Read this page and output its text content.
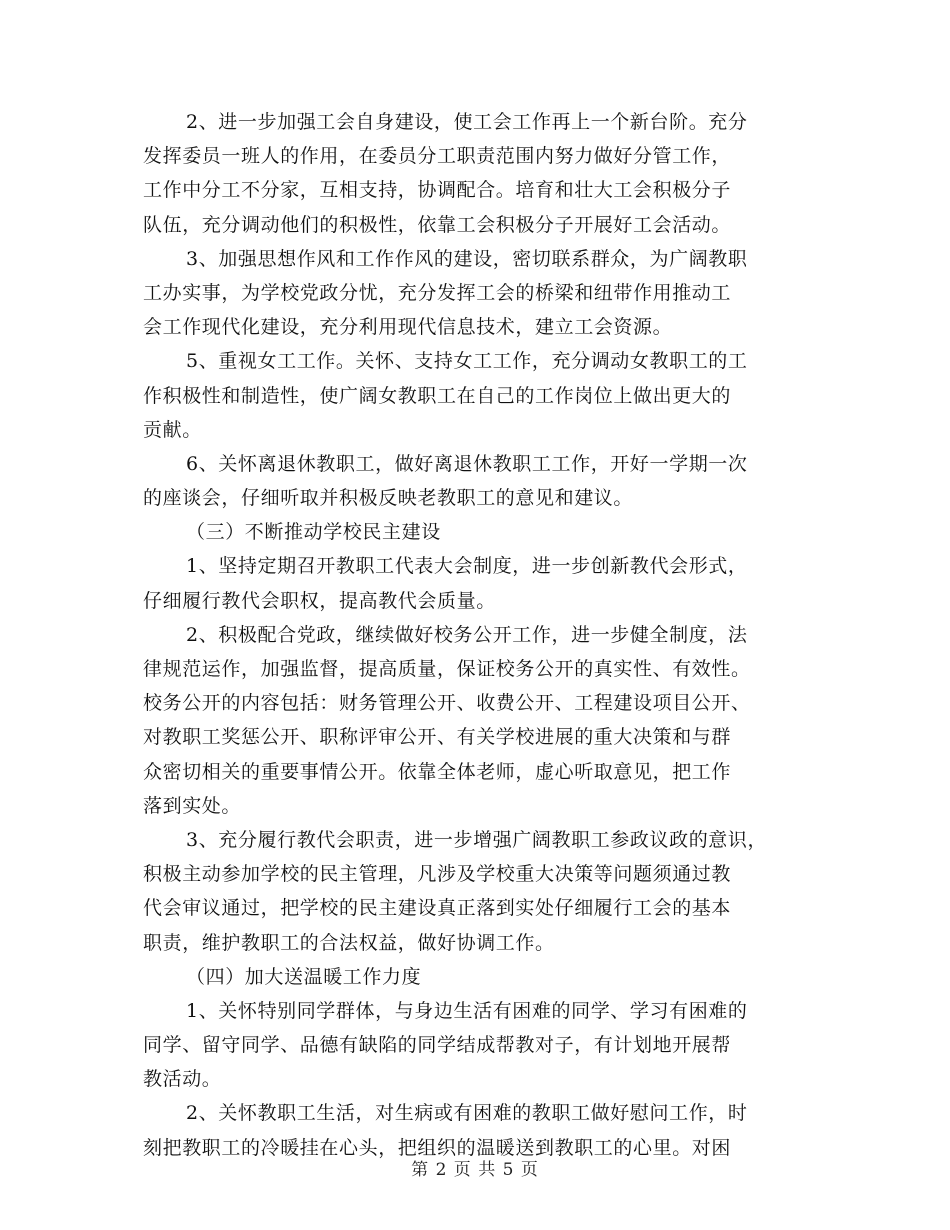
2、进一步加强工会自身建设，使工会工作再上一个新台阶。充分
发挥委员一班人的作用，在委员分工职责范围内努力做好分管工作，
工作中分工不分家，互相支持，协调配合。培育和壮大工会积极分子
队伍，充分调动他们的积极性，依靠工会积极分子开展好工会活动。
3、加强思想作风和工作作风的建设，密切联系群众，为广阔教职
工办实事，为学校党政分忧，充分发挥工会的桥梁和纽带作用推动工
会工作现代化建设，充分利用现代信息技术，建立工会资源。
5、重视女工工作。关怀、支持女工工作，充分调动女教职工的工
作积极性和制造性，使广阔女教职工在自己的工作岗位上做出更大的
贡献。
6、关怀离退休教职工，做好离退休教职工工作，开好一学期一次
的座谈会，仔细听取并积极反映老教职工的意见和建议。
（三）不断推动学校民主建设
1、坚持定期召开教职工代表大会制度，进一步创新教代会形式，
仔细履行教代会职权，提高教代会质量。
2、积极配合党政，继续做好校务公开工作，进一步健全制度，法
律规范运作，加强监督，提高质量，保证校务公开的真实性、有效性。
校务公开的内容包括：财务管理公开、收费公开、工程建设项目公开、
对教职工奖惩公开、职称评审公开、有关学校进展的重大决策和与群
众密切相关的重要事情公开。依靠全体老师，虚心听取意见，把工作
落到实处。
3、充分履行教代会职责，进一步增强广阔教职工参政议政的意识，
积极主动参加学校的民主管理，凡涉及学校重大决策等问题须通过教
代会审议通过，把学校的民主建设真正落到实处仔细履行工会的基本
职责，维护教职工的合法权益，做好协调工作。
（四）加大送温暖工作力度
1、关怀特别同学群体，与身边生活有困难的同学、学习有困难的
同学、留守同学、品德有缺陷的同学结成帮教对子，有计划地开展帮
教活动。
2、关怀教职工生活，对生病或有困难的教职工做好慰问工作，时
刻把教职工的冷暖挂在心头，把组织的温暖送到教职工的心里。对困
第 2 页 共 5 页
